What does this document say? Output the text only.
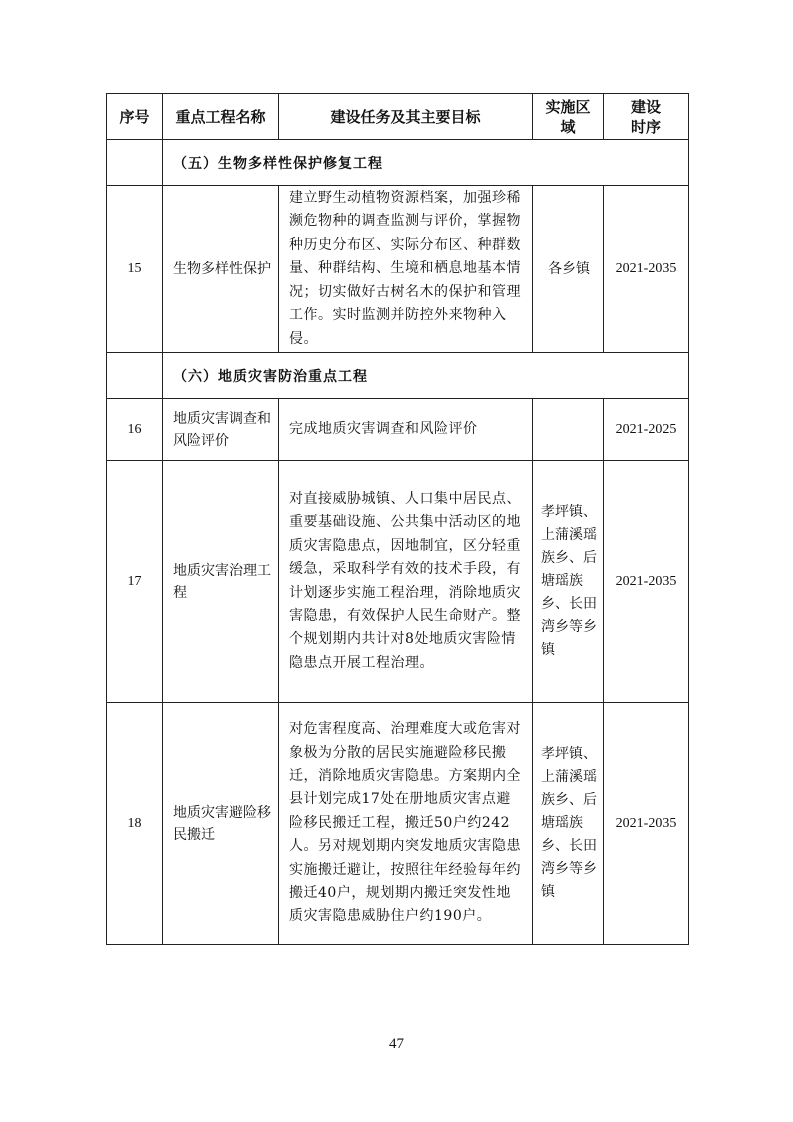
序号	重点工程名称	建设任务及其主要目标	实施区域	建设时序
	（五）生物多样性保护修复工程			
15	生物多样性保护	建立野生动植物资源档案，加强珍稀濒危物种的调查监测与评价，掌握物种历史分布区、实际分布区、种群数量、种群结构、生境和栖息地基本情况；切实做好古树名木的保护和管理工作。实时监测并防控外来物种入侵。	各乡镇	2021-2035
	（六）地质灾害防治重点工程			
16	地质灾害调查和风险评价	完成地质灾害调查和风险评价		2021-2025
17	地质灾害治理工程	对直接威胁城镇、人口集中居民点、重要基础设施、公共集中活动区的地质灾害隐患点，因地制宜，区分轻重缓急，采取科学有效的技术手段，有计划逐步实施工程治理，消除地质灾害隐患，有效保护人民生命财产。整个规划期内共计对8处地质灾害险情隐患点开展工程治理。	孝坪镇、上蒲溪瑶族乡、后塘瑶族乡、长田湾乡等乡镇	2021-2035
18	地质灾害避险移民搬迁	对危害程度高、治理难度大或危害对象极为分散的居民实施避险移民搬迁，消除地质灾害隐患。方案期内全县计划完成17处在册地质灾害点避险移民搬迁工程，搬迁50户约242人。另对规划期内突发地质灾害隐患实施搬迁避让，按照往年经验每年约搬迁40户，规划期内搬迁突发性地质灾害隐患威胁住户约190户。	孝坪镇、上蒲溪瑶族乡、后塘瑶族乡、长田湾乡等乡镇	2021-2035
47
